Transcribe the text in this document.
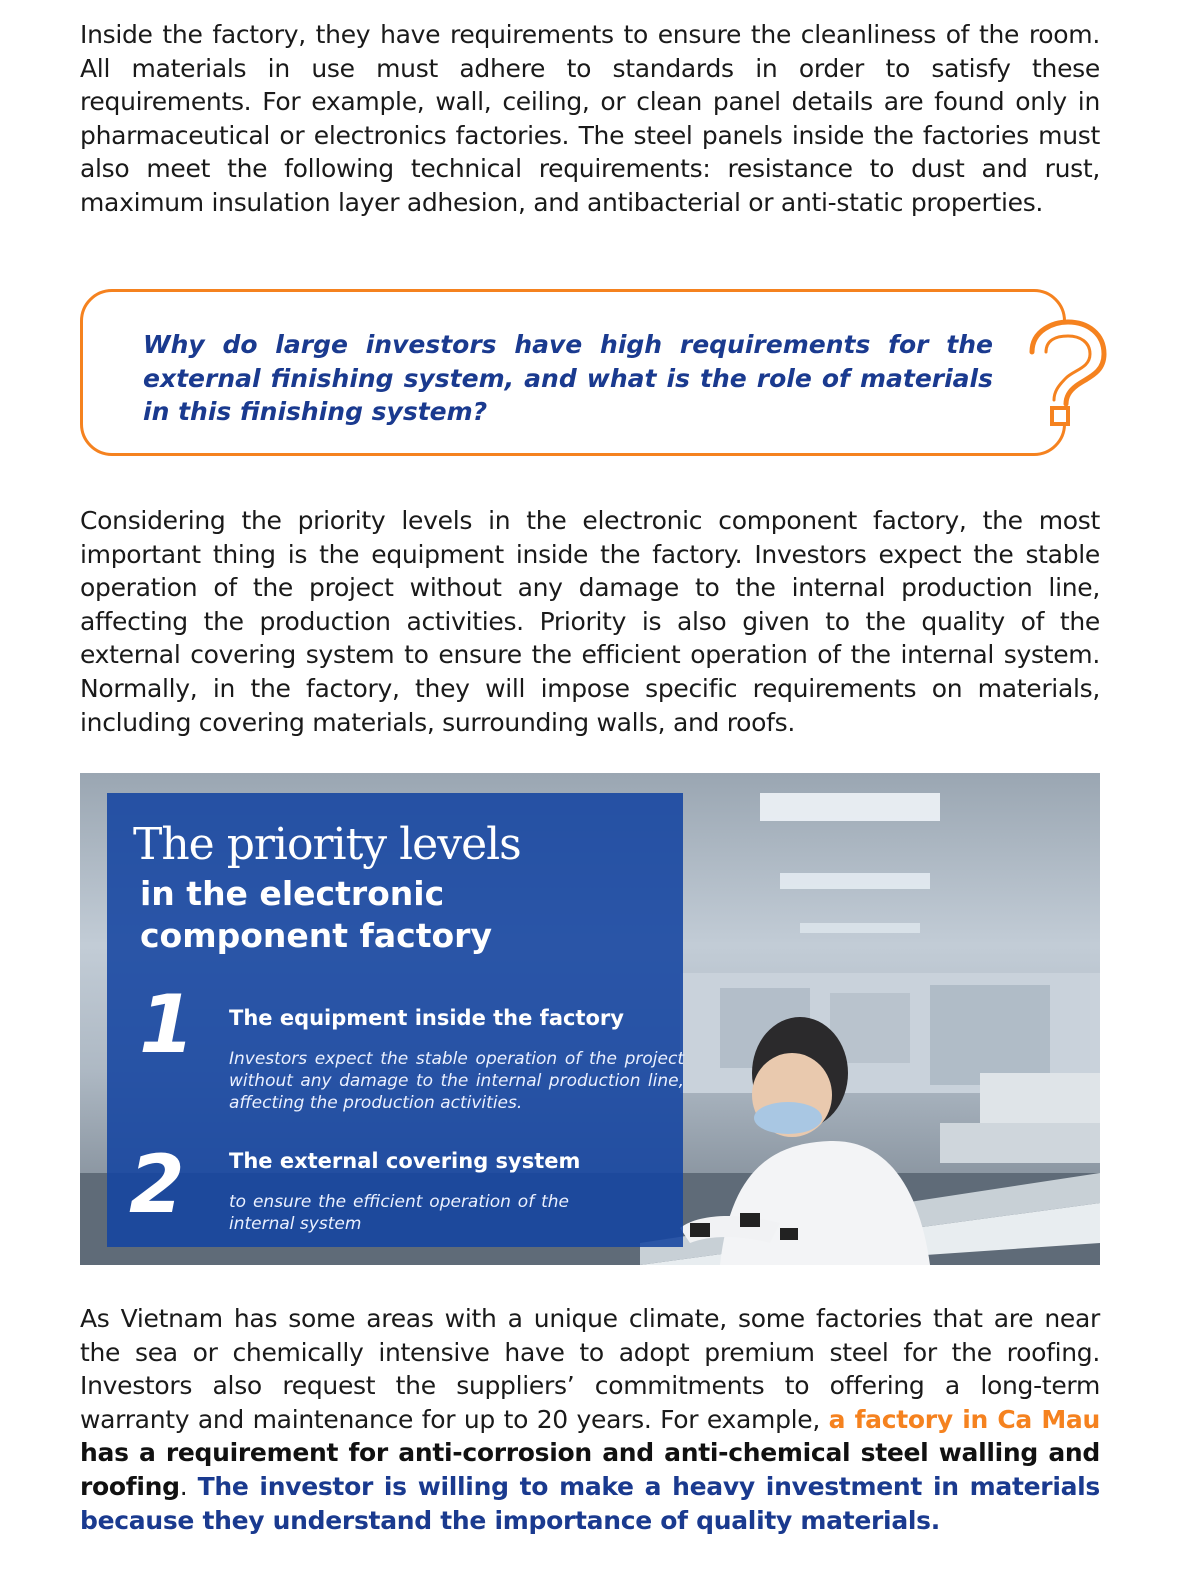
Inside the factory, they have requirements to ensure the cleanliness of the room. All materials in use must adhere to standards in order to satisfy these requirements. For example, wall, ceiling, or clean panel details are found only in pharmaceutical or electronics factories. The steel panels inside the factories must also meet the following technical requirements: resistance to dust and rust, maximum insulation layer adhesion, and antibacterial or anti-static properties.

Why do large investors have high requirements for the external finishing system, and what is the role of materials in this finishing system?

Considering the priority levels in the electronic component factory, the most important thing is the equipment inside the factory. Investors expect the stable operation of the project without any damage to the internal production line, affecting the production activities. Priority is also given to the quality of the external covering system to ensure the efficient operation of the internal system. Normally, in the factory, they will impose specific requirements on materials, including covering materials, surrounding walls, and roofs.

The priority levels
in the electronic component factory
1 The equipment inside the factory
Investors expect the stable operation of the project without any damage to the internal production line, affecting the production activities.
2 The external covering system
to ensure the efficient operation of the internal system

As Vietnam has some areas with a unique climate, some factories that are near the sea or chemically intensive have to adopt premium steel for the roofing. Investors also request the suppliers’ commitments to offering a long-term warranty and maintenance for up to 20 years. For example, a factory in Ca Mau has a requirement for anti-corrosion and anti-chemical steel walling and roofing. The investor is willing to make a heavy investment in materials because they understand the importance of quality materials.
